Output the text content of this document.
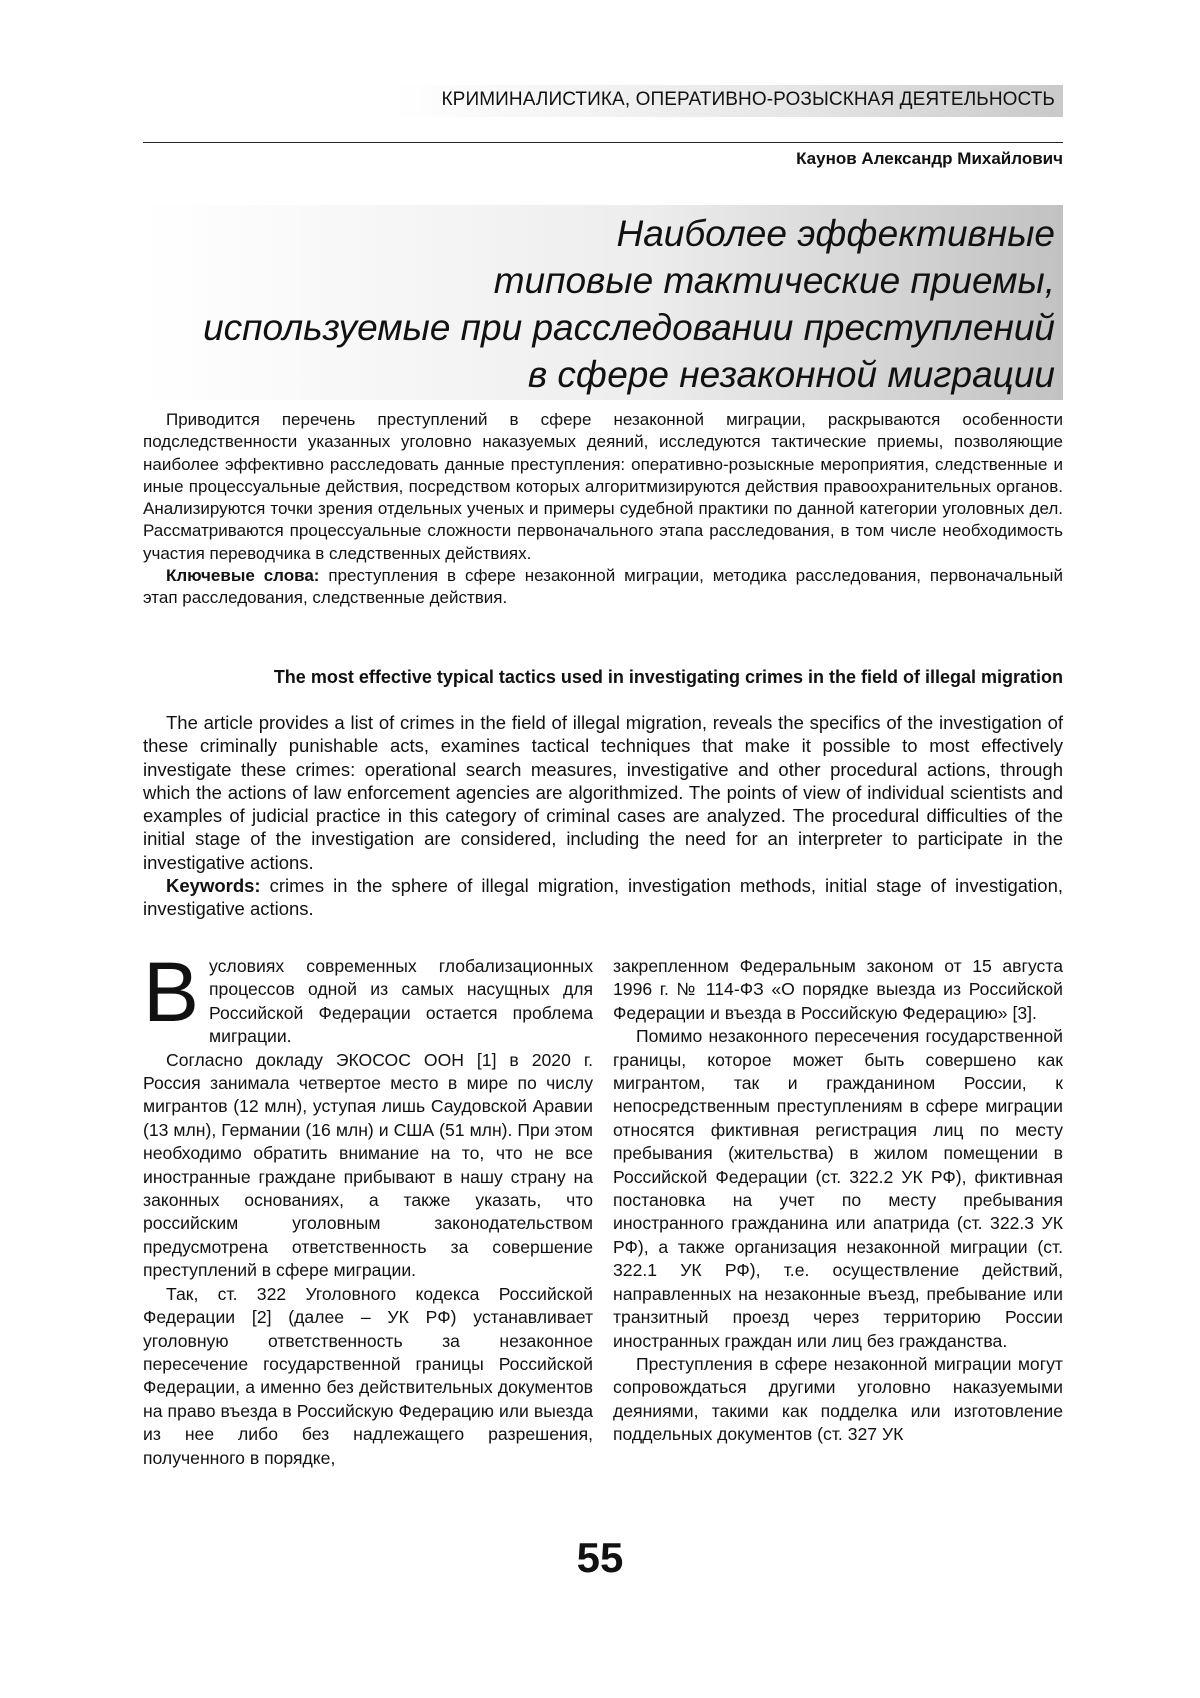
КРИМИНАЛИСТИКА, ОПЕРАТИВНО-РОЗЫСКНАЯ ДЕЯТЕЛЬНОСТЬ
Каунов Александр Михайлович
Наиболее эффективные
типовые тактические приемы,
используемые при расследовании преступлений
в сфере незаконной миграции

Приводится перечень преступлений в сфере незаконной миграции, раскрываются особенности подследственности указанных уголовно наказуемых деяний, исследуются тактические приемы, позволяющие наиболее эффективно расследовать данные преступления: оперативно-розыскные мероприятия, следственные и иные процессуальные действия, посредством которых алгоритмизируются действия правоохранительных органов. Анализируются точки зрения отдельных ученых и примеры судебной практики по данной категории уголовных дел. Рассматриваются процессуальные сложности первоначального этапа расследования, в том числе необходимость участия переводчика в следственных действиях.

Ключевые слова: преступления в сфере незаконной миграции, методика расследования, первоначальный этап расследования, следственные действия.

The most effective typical tactics used in investigating crimes in the field of illegal migration

The article provides a list of crimes in the field of illegal migration, reveals the specifics of the investigation of these criminally punishable acts, examines tactical techniques that make it possible to most effectively investigate these crimes: operational search measures, investigative and other procedural actions, through which the actions of law enforcement agencies are algorithmized. The points of view of individual scientists and examples of judicial practice in this category of criminal cases are analyzed. The procedural difficulties of the initial stage of the investigation are considered, including the need for an interpreter to participate in the investigative actions.

Keywords: crimes in the sphere of illegal migration, investigation methods, initial stage of investigation, investigative actions.

Вусловиях современных глобализационных процессов одной из самых насущных для Российской Федерации остается проблема миграции.

Согласно докладу ЭКОСОС ООН [1] в 2020 г. Россия занимала четвертое место в мире по числу мигрантов (12 млн), уступая лишь Саудовской Аравии (13 млн), Германии (16 млн) и США (51 млн). При этом необходимо обратить внимание на то, что не все иностранные граждане прибывают в нашу страну на законных основаниях, а также указать, что российским уголовным законодательством предусмотрена ответственность за совершение преступлений в сфере миграции.

Так, ст. 322 Уголовного кодекса Российской Федерации [2] (далее – УК РФ) устанавливает уголовную ответственность за незаконное пересечение государственной границы Российской Федерации, а именно без действительных документов на право въезда в Российскую Федерацию или выезда из нее либо без надлежащего разрешения, полученного в порядке,

закрепленном Федеральным законом от 15 августа 1996 г. № 114-ФЗ «О порядке выезда из Российской Федерации и въезда в Российскую Федерацию» [3].

Помимо незаконного пересечения государственной границы, которое может быть совершено как мигрантом, так и гражданином России, к непосредственным преступлениям в сфере миграции относятся фиктивная регистрация лиц по месту пребывания (жительства) в жилом помещении в Российской Федерации (ст. 322.2 УК РФ), фиктивная постановка на учет по месту пребывания иностранного гражданина или апатрида (ст. 322.3 УК РФ), а также организация незаконной миграции (ст. 322.1 УК РФ), т.е. осуществление действий, направленных на незаконные въезд, пребывание или транзитный проезд через территорию России иностранных граждан или лиц без гражданства.

Преступления в сфере незаконной миграции могут сопровождаться другими уголовно наказуемыми деяниями, такими как подделка или изготовление поддельных документов (ст. 327 УК

55
